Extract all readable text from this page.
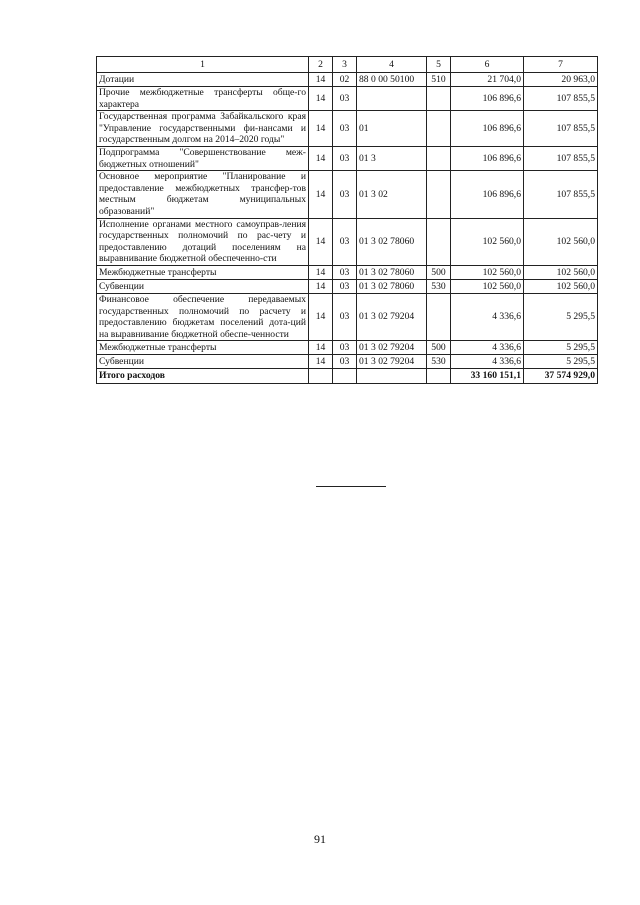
1	2	3	4	5	6	7
Дотации	14	02	88 0 00 50100	510	21 704,0	20 963,0
Прочие межбюджетные трансферты обще-го характера	14	03			106 896,6	107 855,5
Государственная программа Забайкальского края "Управление государственными фи-нансами и государственным долгом на 2014–2020 годы"	14	03	01		106 896,6	107 855,5
Подпрограмма "Совершенствование меж-бюджетных отношений"	14	03	01 3		106 896,6	107 855,5
Основное мероприятие "Планирование и предоставление межбюджетных трансфер-тов местным бюджетам муниципальных образований"	14	03	01 3 02		106 896,6	107 855,5
Исполнение органами местного самоуправ-ления государственных полномочий по рас-чету и предоставлению дотаций поселениям на выравнивание бюджетной обеспеченно-сти	14	03	01 3 02 78060		102 560,0	102 560,0
Межбюджетные трансферты	14	03	01 3 02 78060	500	102 560,0	102 560,0
Субвенции	14	03	01 3 02 78060	530	102 560,0	102 560,0
Финансовое обеспечение передаваемых государственных полномочий по расчету и предоставлению бюджетам поселений дота-ций на выравнивание бюджетной обеспе-ченности	14	03	01 3 02 79204		4 336,6	5 295,5
Межбюджетные трансферты	14	03	01 3 02 79204	500	4 336,6	5 295,5
Субвенции	14	03	01 3 02 79204	530	4 336,6	5 295,5
Итого расходов					33 160 151,1	37 574 929,0
91
